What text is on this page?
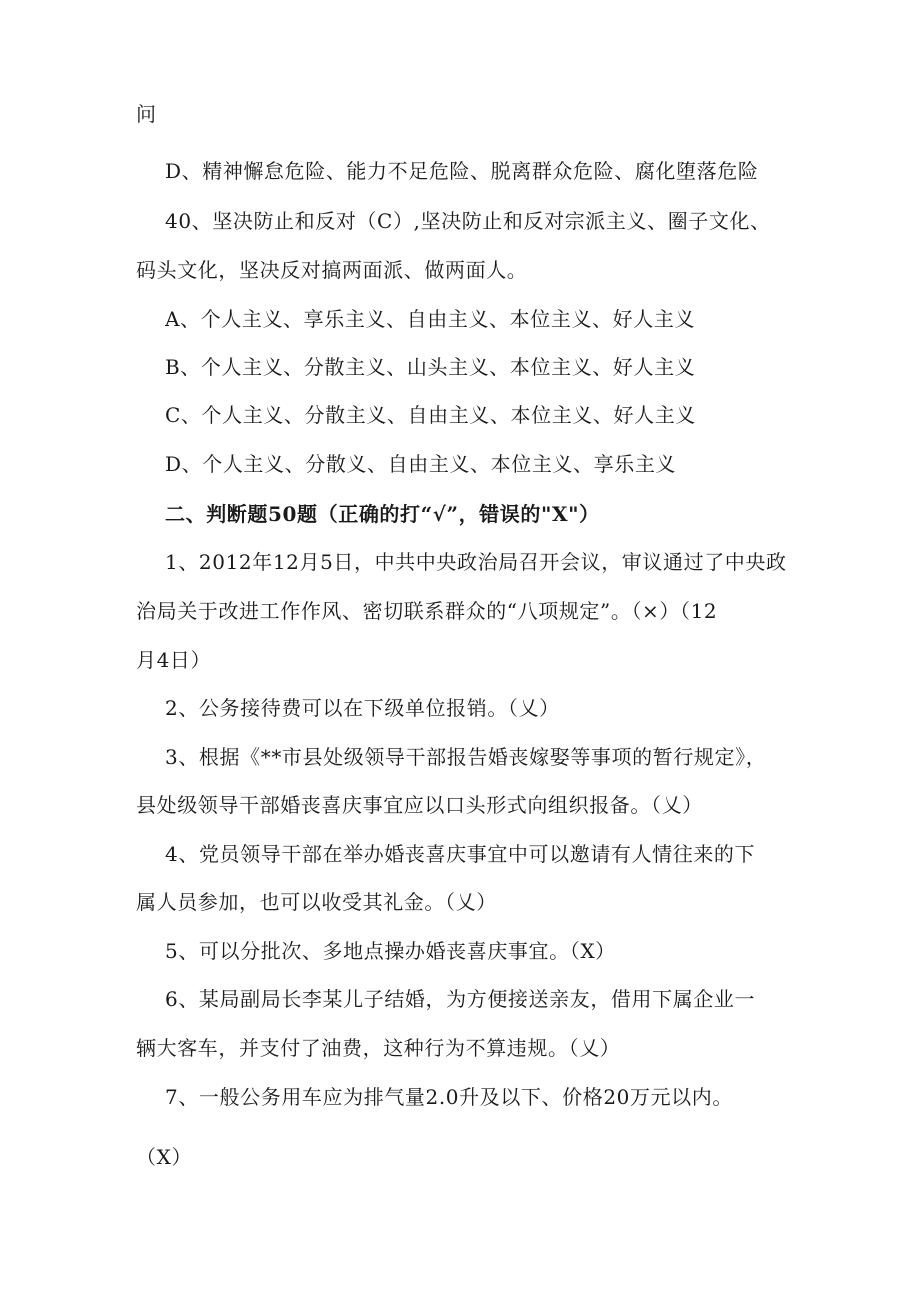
问
D、精神懈怠危险、能力不足危险、脱离群众危险、腐化堕落危险
40、坚决防止和反对（C）,坚决防止和反对宗派主义、圈子文化、
码头文化，坚决反对搞两面派、做两面人。
A、个人主义、享乐主义、自由主义、本位主义、好人主义
B、个人主义、分散主义、山头主义、本位主义、好人主义
C、个人主义、分散主义、自由主义、本位主义、好人主义
D、个人主义、分散义、自由主义、本位主义、享乐主义
二、判断题50题（正确的打“√”，错误的"X"）
1、2012年12月5日，中共中央政治局召开会议，审议通过了中央政
治局关于改进工作作风、密切联系群众的“八项规定”。（×）（12
月4日）
2、公务接待费可以在下级单位报销。（乂）
3、根据《**市县处级领导干部报告婚丧嫁娶等事项的暂行规定》，
县处级领导干部婚丧喜庆事宜应以口头形式向组织报备。（乂）
4、党员领导干部在举办婚丧喜庆事宜中可以邀请有人情往来的下
属人员参加，也可以收受其礼金。（乂）
5、可以分批次、多地点操办婚丧喜庆事宜。（X）
6、某局副局长李某儿子结婚，为方便接送亲友，借用下属企业一
辆大客车，并支付了油费，这种行为不算违规。（乂）
7、一般公务用车应为排气量2.0升及以下、价格20万元以内。
（X）
